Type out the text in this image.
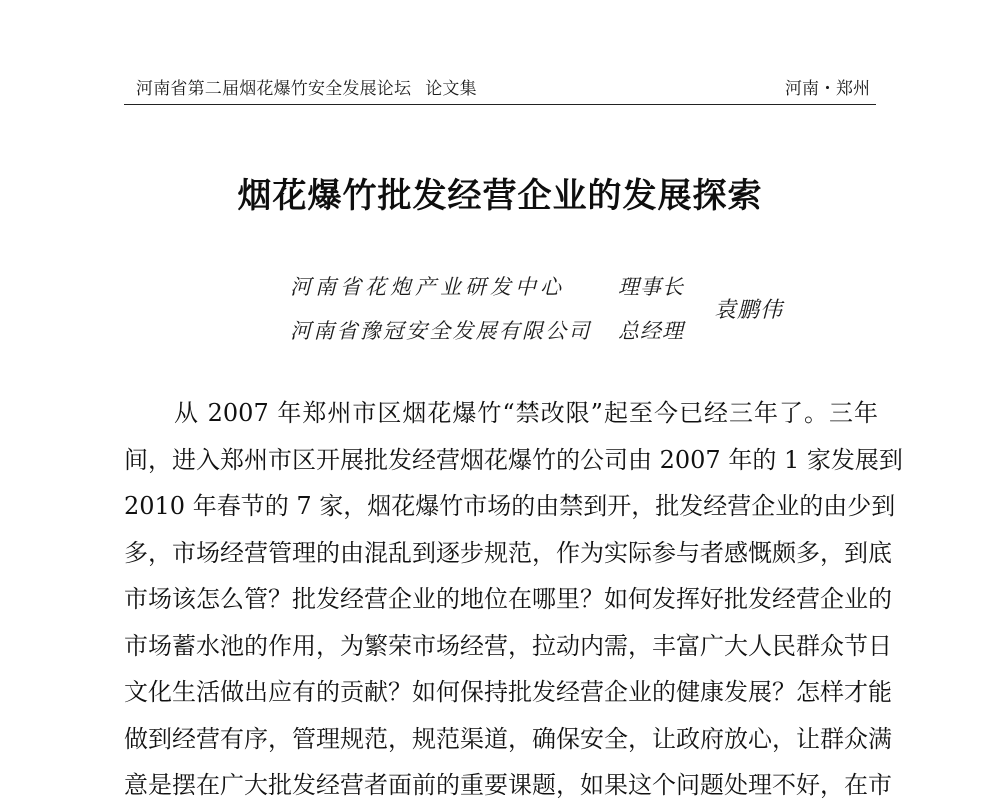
河南省第二届烟花爆竹安全发展论坛 论文集	河南・郑州
烟花爆竹批发经营企业的发展探索
河南省花炮产业研发中心	理事长
河南省豫冠安全发展有限公司 总经理
袁鹏伟
　　从 2007 年郑州市区烟花爆竹“禁改限”起至今已经三年了。三年
间，进入郑州市区开展批发经营烟花爆竹的公司由 2007 年的 1 家发展到
2010 年春节的 7 家，烟花爆竹市场的由禁到开，批发经营企业的由少到
多，市场经营管理的由混乱到逐步规范，作为实际参与者感慨颇多，到底
市场该怎么管？批发经营企业的地位在哪里？如何发挥好批发经营企业的
市场蓄水池的作用，为繁荣市场经营，拉动内需，丰富广大人民群众节日
文化生活做出应有的贡献？如何保持批发经营企业的健康发展？怎样才能
做到经营有序，管理规范，规范渠道，确保安全，让政府放心，让群众满
意是摆在广大批发经营者面前的重要课题，如果这个问题处理不好，在市
